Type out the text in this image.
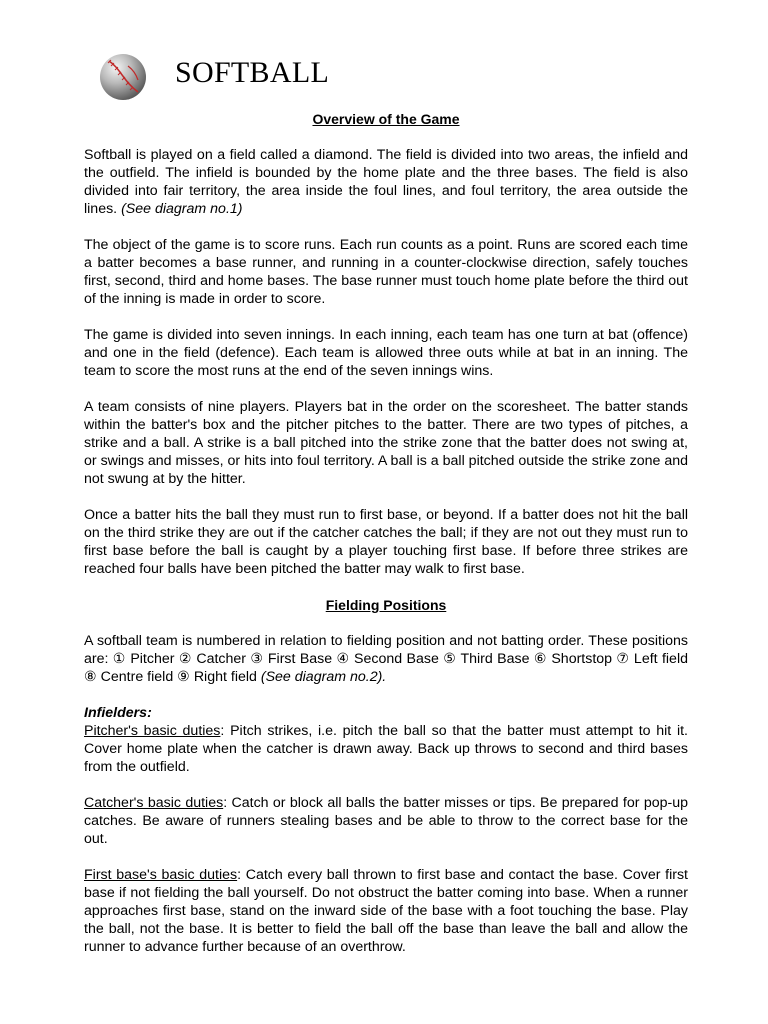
SOFTBALL

Overview of the Game

Softball is played on a field called a diamond. The field is divided into two areas, the infield and the outfield. The infield is bounded by the home plate and the three bases. The field is also divided into fair territory, the area inside the foul lines, and foul territory, the area outside the lines. (See diagram no.1)

The object of the game is to score runs. Each run counts as a point. Runs are scored each time a batter becomes a base runner, and running in a counter-clockwise direction, safely touches first, second, third and home bases. The base runner must touch home plate before the third out of the inning is made in order to score.

The game is divided into seven innings. In each inning, each team has one turn at bat (offence) and one in the field (defence). Each team is allowed three outs while at bat in an inning. The team to score the most runs at the end of the seven innings wins.

A team consists of nine players. Players bat in the order on the scoresheet. The batter stands within the batter's box and the pitcher pitches to the batter. There are two types of pitches, a strike and a ball. A strike is a ball pitched into the strike zone that the batter does not swing at, or swings and misses, or hits into foul territory. A ball is a ball pitched outside the strike zone and not swung at by the hitter.

Once a batter hits the ball they must run to first base, or beyond. If a batter does not hit the ball on the third strike they are out if the catcher catches the ball; if they are not out they must run to first base before the ball is caught by a player touching first base. If before three strikes are reached four balls have been pitched the batter may walk to first base.

Fielding Positions

A softball team is numbered in relation to fielding position and not batting order. These positions are: ① Pitcher ② Catcher ③ First Base ④ Second Base ⑤ Third Base ⑥ Shortstop ⑦ Left field ⑧ Centre field ⑨ Right field (See diagram no.2).

Infielders:

Pitcher's basic duties: Pitch strikes, i.e. pitch the ball so that the batter must attempt to hit it. Cover home plate when the catcher is drawn away. Back up throws to second and third bases from the outfield.

Catcher's basic duties: Catch or block all balls the batter misses or tips. Be prepared for pop-up catches. Be aware of runners stealing bases and be able to throw to the correct base for the out.

First base's basic duties: Catch every ball thrown to first base and contact the base. Cover first base if not fielding the ball yourself. Do not obstruct the batter coming into base. When a runner approaches first base, stand on the inward side of the base with a foot touching the base. Play the ball, not the base. It is better to field the ball off the base than leave the ball and allow the runner to advance further because of an overthrow.
